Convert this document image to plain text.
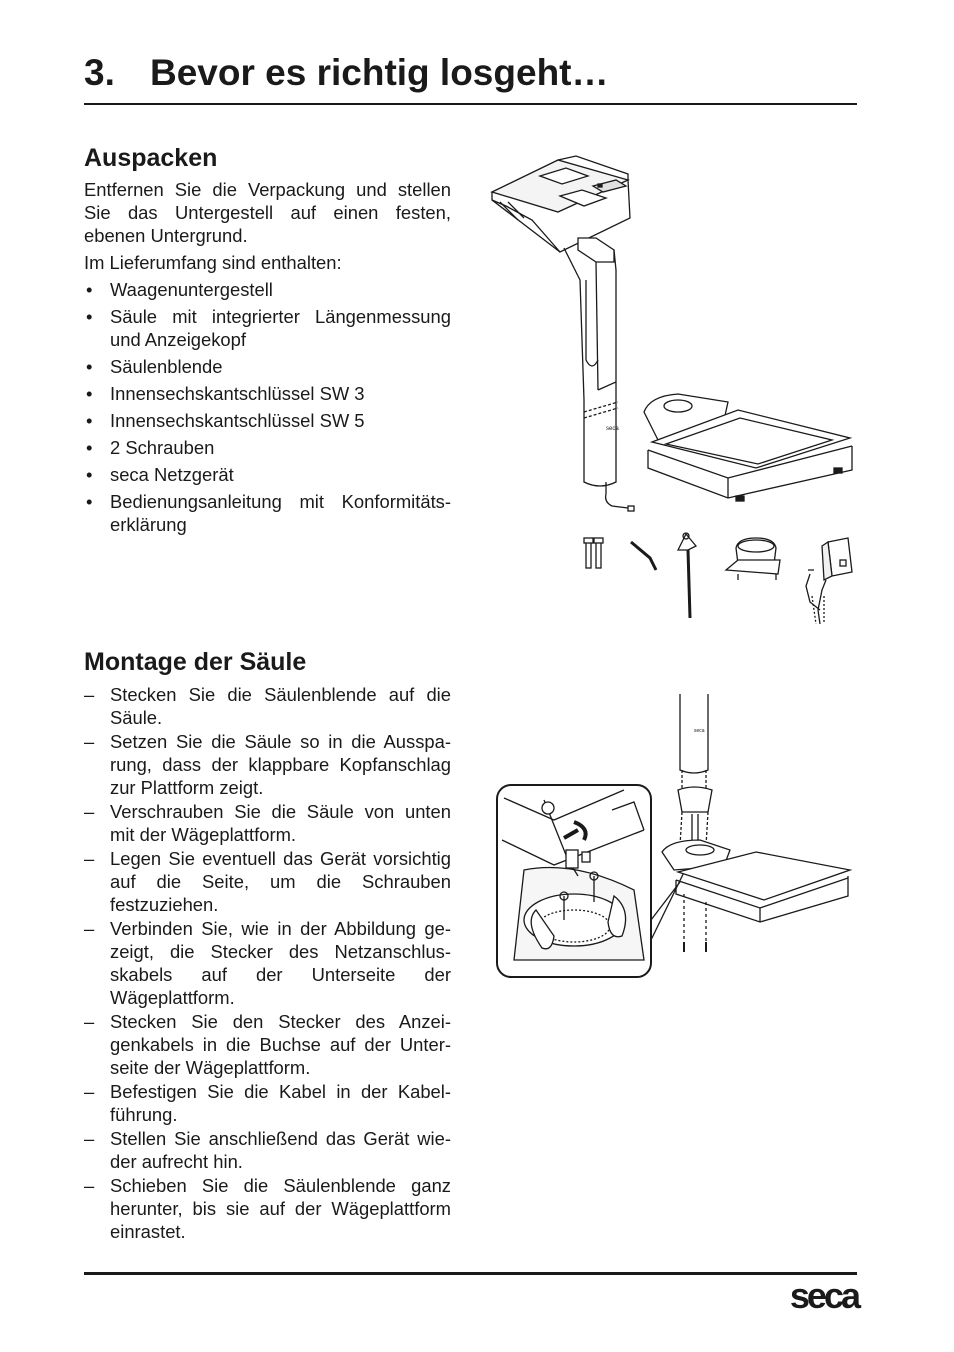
3. Bevor es richtig losgeht…
Auspacken

Entfernen Sie die Verpackung und stellen Sie das Untergestell auf einen festen, ebenen Untergrund.

Im Lieferumfang sind enthalten:

• Waagenuntergestell
• Säule mit integrierter Längenmessung und Anzeigekopf
• Säulenblende
• Innensechskantschlüssel SW 3
• Innensechskantschlüssel SW 5
• 2 Schrauben
• seca Netzgerät
• Bedienungsanleitung mit Konformitätserklärung
seca
Montage der Säule
– Stecken Sie die Säulenblende auf die Säule.
– Setzen Sie die Säule so in die Aussparung, dass der klappbare Kopfanschlag zur Plattform zeigt.
– Verschrauben Sie die Säule von unten mit der Wägeplattform.
– Legen Sie eventuell das Gerät vorsichtig auf die Seite, um die Schrauben festzuziehen.
– Verbinden Sie, wie in der Abbildung gezeigt, die Stecker des Netzanschlusskabels auf der Unterseite der Wägeplattform.
– Stecken Sie den Stecker des Anzeigenkabels in die Buchse auf der Unterseite der Wägeplattform.
– Befestigen Sie die Kabel in der Kabelführung.
– Stellen Sie anschließend das Gerät wieder aufrecht hin.
– Schieben Sie die Säulenblende ganz herunter, bis sie auf der Wägeplattform einrastet.
seca
seca
